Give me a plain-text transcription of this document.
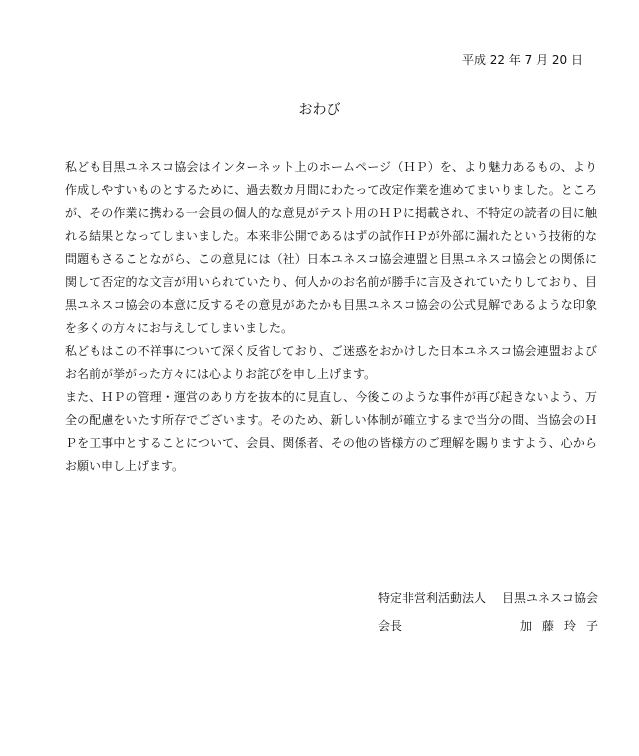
平成 22 年 7 月 20 日
おわび

私ども目黒ユネスコ協会はインターネット上のホームページ（ＨＰ）を、より魅力あるもの、より作成しやすいものとするために、過去数カ月間にわたって改定作業を進めてまいりました。ところが、その作業に携わる一会員の個人的な意見がテスト用のＨＰに掲載され、不特定の読者の目に触れる結果となってしまいました。本来非公開であるはずの試作ＨＰが外部に漏れたという技術的な問題もさることながら、この意見には（社）日本ユネスコ協会連盟と目黒ユネスコ協会との関係に関して否定的な文言が用いられていたり、何人かのお名前が勝手に言及されていたりしており、目黒ユネスコ協会の本意に反するその意見があたかも目黒ユネスコ協会の公式見解であるような印象を多くの方々にお与えしてしまいました。

私どもはこの不祥事について深く反省しており、ご迷惑をおかけした日本ユネスコ協会連盟およびお名前が挙がった方々には心よりお詫びを申し上げます。

また、ＨＰの管理・運営のあり方を抜本的に見直し、今後このような事件が再び起きないよう、万全の配慮をいたす所存でございます。そのため、新しい体制が確立するまで当分の間、当協会のＨＰを工事中とすることについて、会員、関係者、その他の皆様方のご理解を賜りますよう、心からお願い申し上げます。

特定非営利活動法人 目黒ユネスコ協会
会長	加藤玲子
